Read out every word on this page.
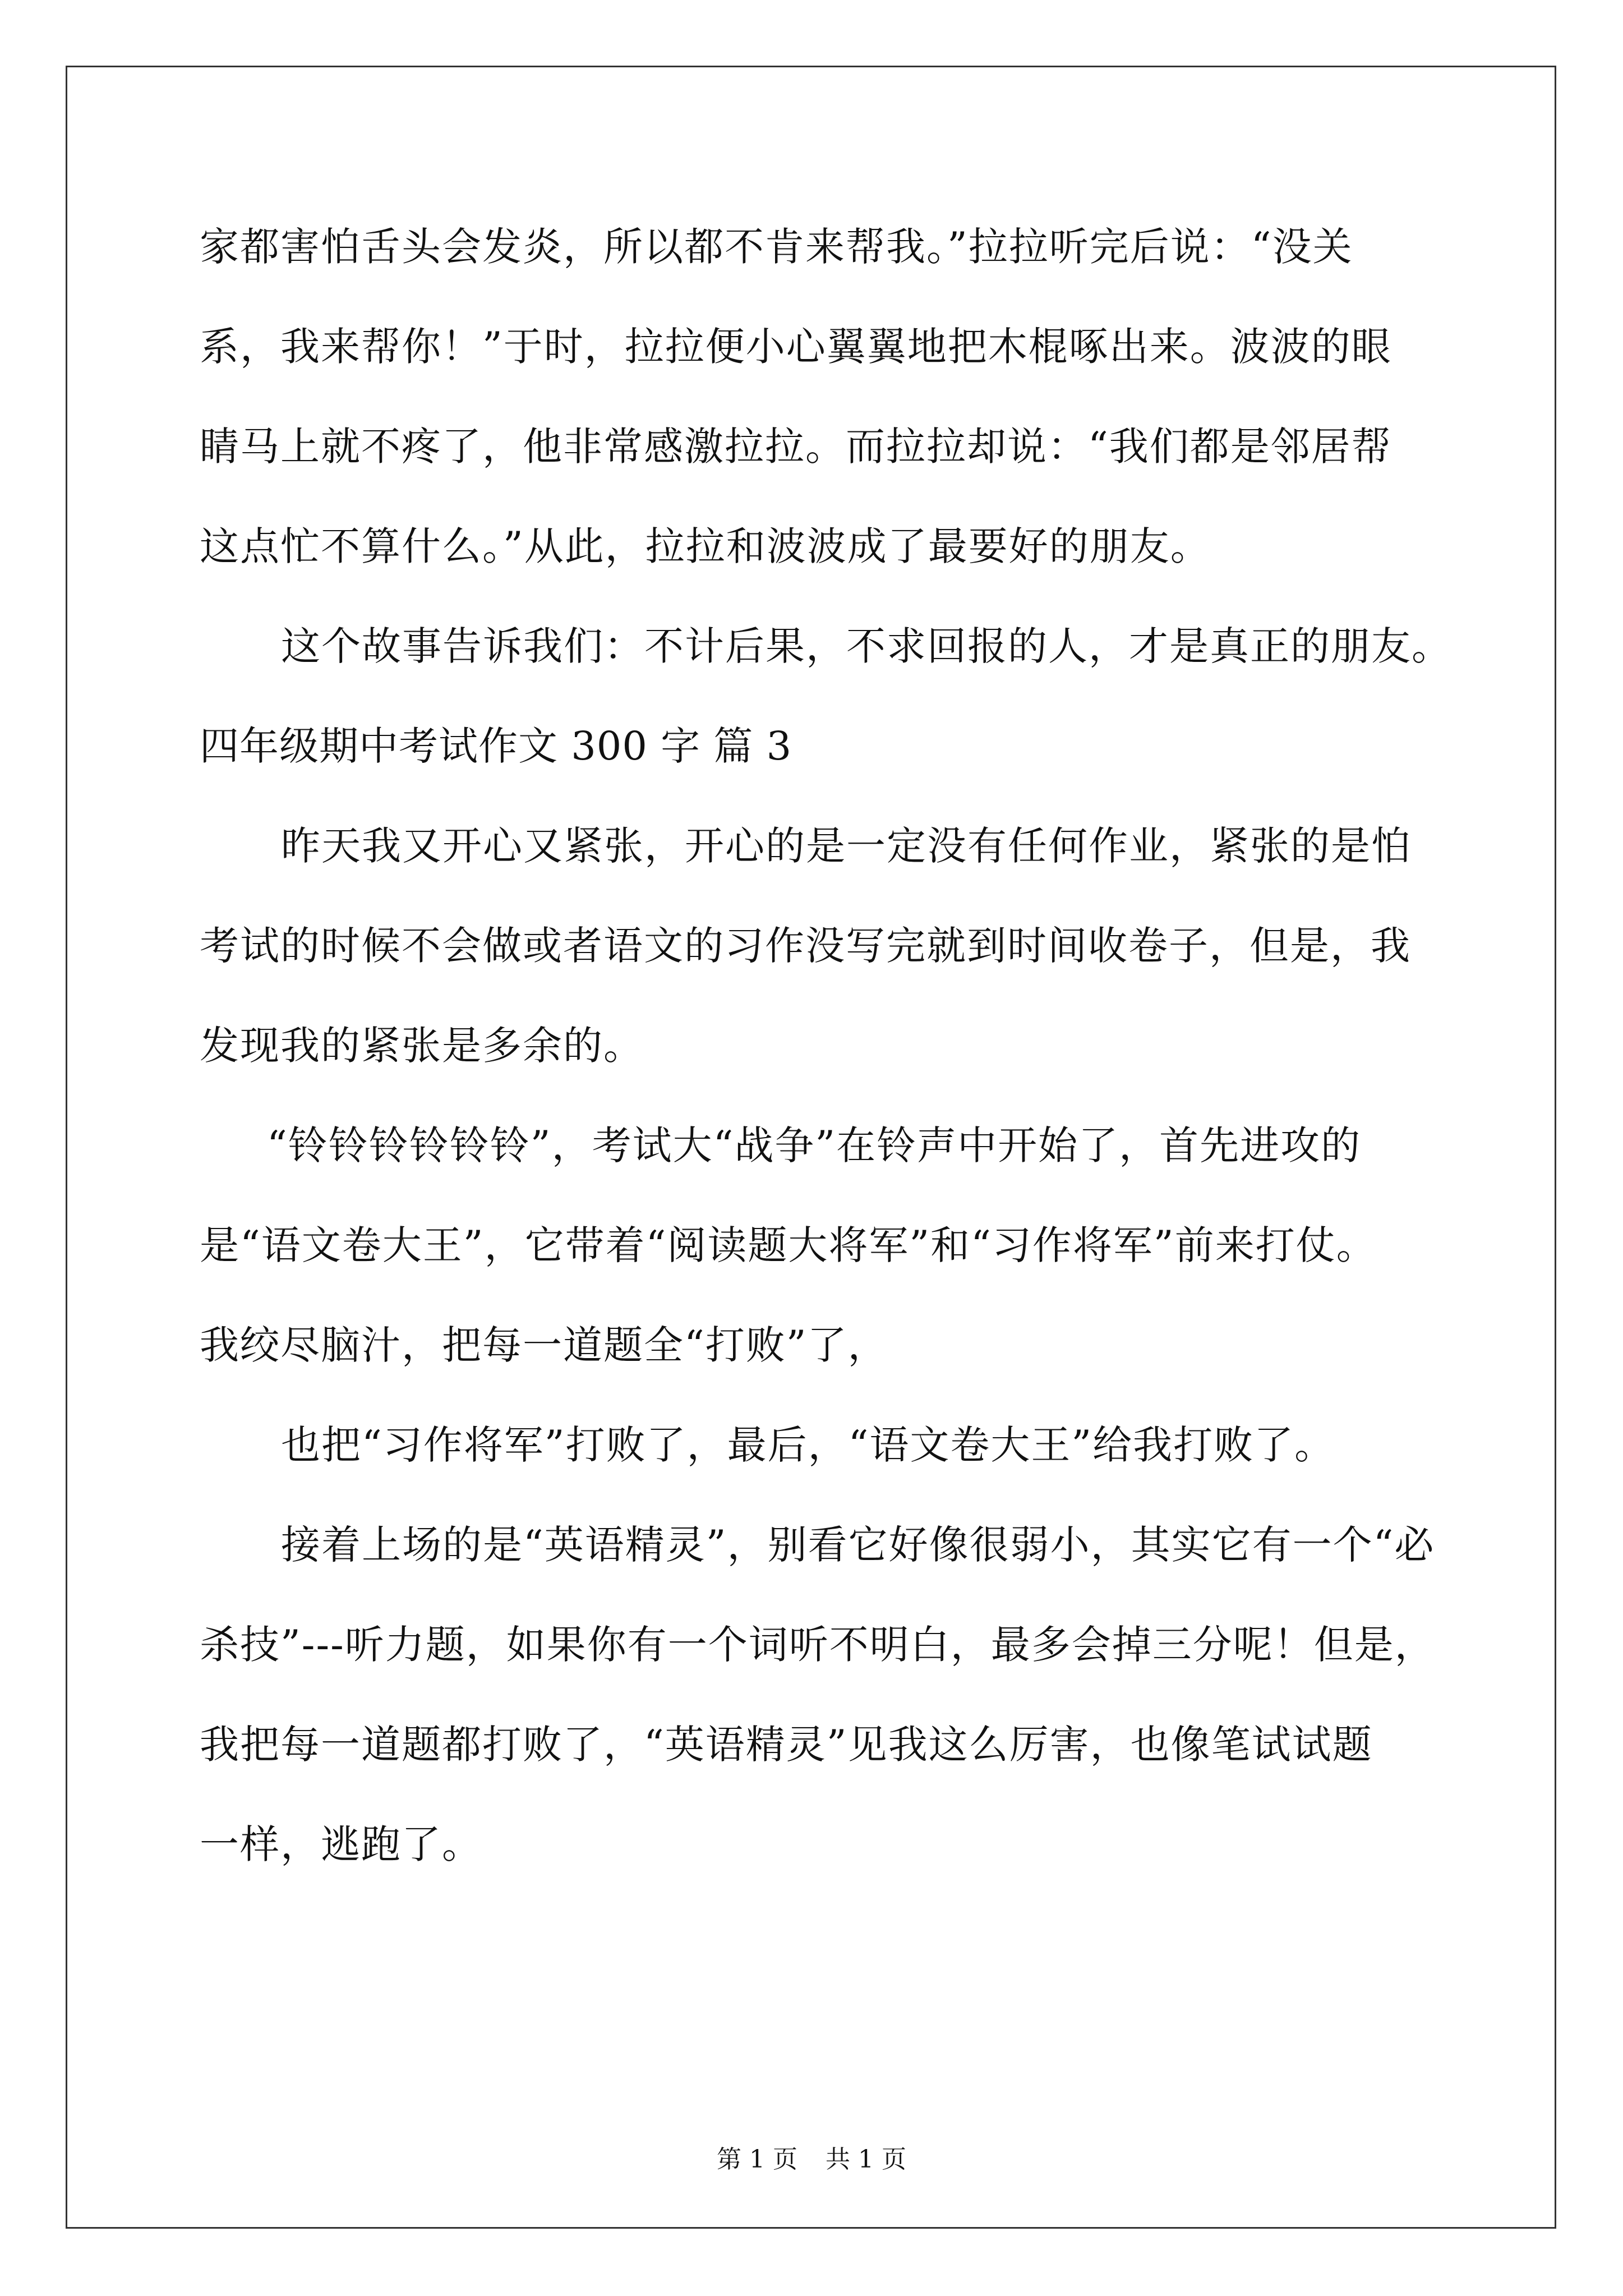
家都害怕舌头会发炎，所以都不肯来帮我。”拉拉听完后说：“没关
系，我来帮你！”于时，拉拉便小心翼翼地把木棍啄出来。波波的眼
睛马上就不疼了，他非常感激拉拉。而拉拉却说：“我们都是邻居帮
这点忙不算什么。”从此，拉拉和波波成了最要好的朋友。
这个故事告诉我们：不计后果，不求回报的人，才是真正的朋友。
四年级期中考试作文 300 字 篇 3
昨天我又开心又紧张，开心的是一定没有任何作业，紧张的是怕
考试的时候不会做或者语文的习作没写完就到时间收卷子，但是，我
发现我的紧张是多余的。
“铃铃铃铃铃铃”，考试大“战争”在铃声中开始了，首先进攻的
是“语文卷大王”，它带着“阅读题大将军”和“习作将军”前来打仗。
我绞尽脑汁，把每一道题全“打败”了，
也把“习作将军”打败了，最后，“语文卷大王”给我打败了。
接着上场的是“英语精灵”，别看它好像很弱小，其实它有一个“必
杀技”---听力题，如果你有一个词听不明白，最多会掉三分呢！但是，
我把每一道题都打败了，“英语精灵”见我这么厉害，也像笔试试题
一样，逃跑了。
第 1 页 共 1 页
